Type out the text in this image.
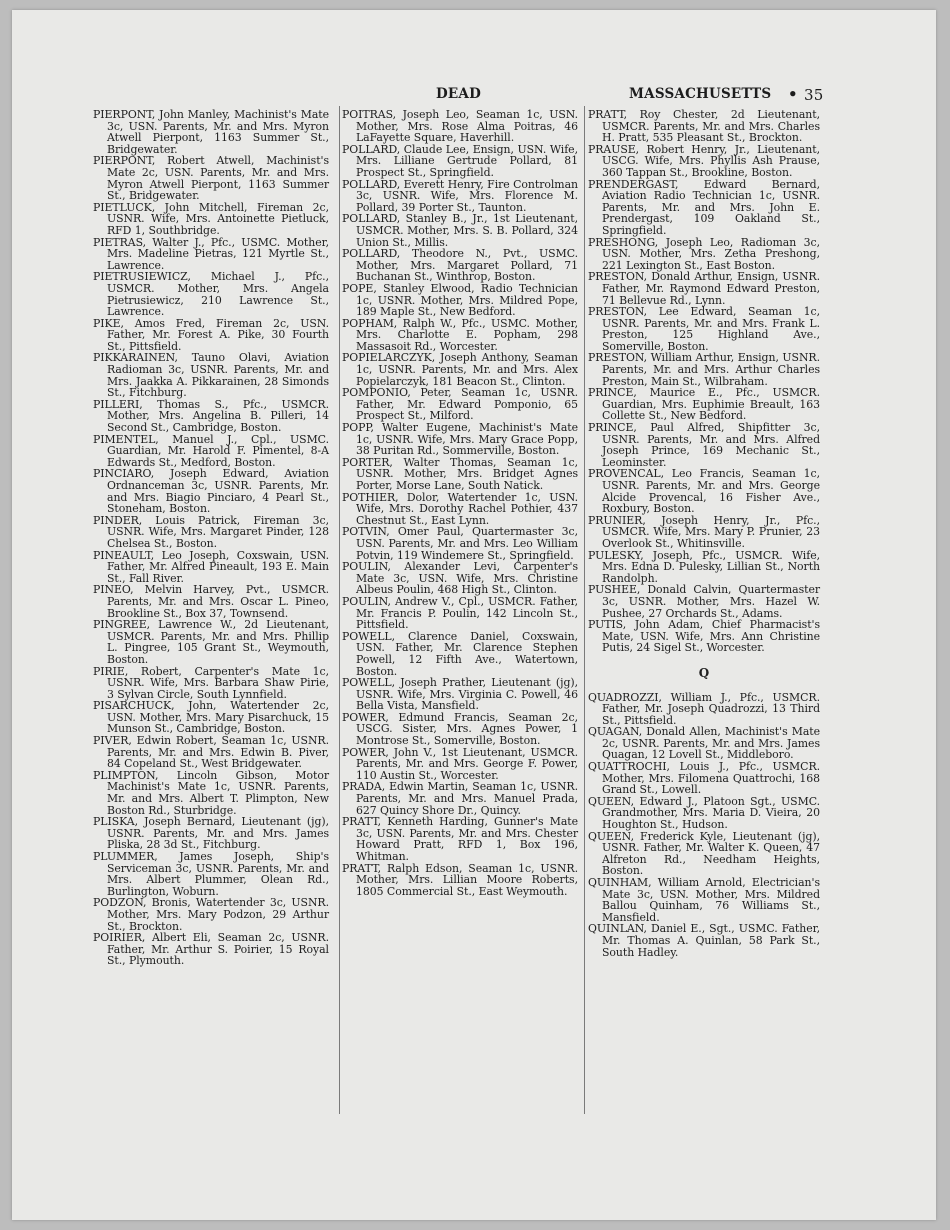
DEAD	MASSACHUSETTS • 35

PIERPONT, John Manley, Machinist's Mate 3c, USN. Parents, Mr. and Mrs. Myron Atwell Pierpont, 1163 Summer St., Bridgewater.

PIERPONT, Robert Atwell, Machinist's Mate 2c, USN. Parents, Mr. and Mrs. Myron Atwell Pierpont, 1163 Summer St., Bridgewater.

PIETLUCK, John Mitchell, Fireman 2c, USNR. Wife, Mrs. Antoinette Pietluck, RFD 1, Southbridge.

PIETRAS, Walter J., Pfc., USMC. Mother, Mrs. Madeline Pietras, 121 Myrtle St., Lawrence.

PIETRUSIEWICZ, Michael J., Pfc., USMCR. Mother, Mrs. Angela Pietrusiewicz, 210 Lawrence St., Lawrence.

PIKE, Amos Fred, Fireman 2c, USN. Father, Mr. Forest A. Pike, 30 Fourth St., Pittsfield.

PIKKARAINEN, Tauno Olavi, Aviation Radioman 3c, USNR. Parents, Mr. and Mrs. Jaakka A. Pikkarainen, 28 Simonds St., Fitchburg.

PILLERI, Thomas S., Pfc., USMCR. Mother, Mrs. Angelina B. Pilleri, 14 Second St., Cambridge, Boston.

PIMENTEL, Manuel J., Cpl., USMC. Guardian, Mr. Harold F. Pimentel, 8-A Edwards St., Medford, Boston.

PINCIARO, Joseph Edward, Aviation Ordnanceman 3c, USNR. Parents, Mr. and Mrs. Biagio Pinciaro, 4 Pearl St., Stoneham, Boston.

PINDER, Louis Patrick, Fireman 3c, USNR. Wife, Mrs. Margaret Pinder, 128 Chelsea St., Boston.

PINEAULT, Leo Joseph, Coxswain, USN. Father, Mr. Alfred Pineault, 193 E. Main St., Fall River.

PINEO, Melvin Harvey, Pvt., USMCR. Parents, Mr. and Mrs. Oscar L. Pineo, Brookline St., Box 37, Townsend.

PINGREE, Lawrence W., 2d Lieutenant, USMCR. Parents, Mr. and Mrs. Phillip L. Pingree, 105 Grant St., Weymouth, Boston.

PIRIE, Robert, Carpenter's Mate 1c, USNR. Wife, Mrs. Barbara Shaw Pirie, 3 Sylvan Circle, South Lynnfield.

PISARCHUCK, John, Watertender 2c, USN. Mother, Mrs. Mary Pisarchuck, 15 Munson St., Cambridge, Boston.

PIVER, Edwin Robert, Seaman 1c, USNR. Parents, Mr. and Mrs. Edwin B. Piver, 84 Copeland St., West Bridgewater.

PLIMPTON, Lincoln Gibson, Motor Machinist's Mate 1c, USNR. Parents, Mr. and Mrs. Albert T. Plimpton, New Boston Rd., Sturbridge.

PLISKA, Joseph Bernard, Lieutenant (jg), USNR. Parents, Mr. and Mrs. James Pliska, 28 3d St., Fitchburg.

PLUMMER, James Joseph, Ship's Serviceman 3c, USNR. Parents, Mr. and Mrs. Albert Plummer, Olean Rd., Burlington, Woburn.

PODZON, Bronis, Watertender 3c, USNR. Mother, Mrs. Mary Podzon, 29 Arthur St., Brockton.

POIRIER, Albert Eli, Seaman 2c, USNR. Father, Mr. Arthur S. Poirier, 15 Royal St., Plymouth.

POITRAS, Joseph Leo, Seaman 1c, USN. Mother, Mrs. Rose Alma Poitras, 46 LaFayette Square, Haverhill.

POLLARD, Claude Lee, Ensign, USN. Wife, Mrs. Lilliane Gertrude Pollard, 81 Prospect St., Springfield.

POLLARD, Everett Henry, Fire Controlman 3c, USNR. Wife, Mrs. Florence M. Pollard, 39 Porter St., Taunton.

POLLARD, Stanley B., Jr., 1st Lieutenant, USMCR. Mother, Mrs. S. B. Pollard, 324 Union St., Millis.

POLLARD, Theodore N., Pvt., USMC. Mother, Mrs. Margaret Pollard, 71 Buchanan St., Winthrop, Boston.

POPE, Stanley Elwood, Radio Technician 1c, USNR. Mother, Mrs. Mildred Pope, 189 Maple St., New Bedford.

POPHAM, Ralph W., Pfc., USMC. Mother, Mrs. Charlotte E. Popham, 298 Massasoit Rd., Worcester.

POPIELARCZYK, Joseph Anthony, Seaman 1c, USNR. Parents, Mr. and Mrs. Alex Popielarczyk, 181 Beacon St., Clinton.

POMPONIO, Peter, Seaman 1c, USNR. Father, Mr. Edward Pomponio, 65 Prospect St., Milford.

POPP, Walter Eugene, Machinist's Mate 1c, USNR. Wife, Mrs. Mary Grace Popp, 38 Puritan Rd., Sommerville, Boston.

PORTER, Walter Thomas, Seaman 1c, USNR. Mother, Mrs. Bridget Agnes Porter, Morse Lane, South Natick.

POTHIER, Dolor, Watertender 1c, USN. Wife, Mrs. Dorothy Rachel Pothier, 437 Chestnut St., East Lynn.

POTVIN, Omer Paul, Quartermaster 3c, USN. Parents, Mr. and Mrs. Leo William Potvin, 119 Windemere St., Springfield.

POULIN, Alexander Levi, Carpenter's Mate 3c, USN. Wife, Mrs. Christine Albeus Poulin, 468 High St., Clinton.

POULIN, Andrew V., Cpl., USMCR. Father, Mr. Francis P. Poulin, 142 Lincoln St., Pittsfield.

POWELL, Clarence Daniel, Coxswain, USN. Father, Mr. Clarence Stephen Powell, 12 Fifth Ave., Watertown, Boston.

POWELL, Joseph Prather, Lieutenant (jg), USNR. Wife, Mrs. Virginia C. Powell, 46 Bella Vista, Mansfield.

POWER, Edmund Francis, Seaman 2c, USCG. Sister, Mrs. Agnes Power, 1 Montrose St., Somerville, Boston.

POWER, John V., 1st Lieutenant, USMCR. Parents, Mr. and Mrs. George F. Power, 110 Austin St., Worcester.

PRADA, Edwin Martin, Seaman 1c, USNR. Parents, Mr. and Mrs. Manuel Prada, 627 Quincy Shore Dr., Quincy.

PRATT, Kenneth Harding, Gunner's Mate 3c, USN. Parents, Mr. and Mrs. Chester Howard Pratt, RFD 1, Box 196, Whitman.

PRATT, Ralph Edson, Seaman 1c, USNR. Mother, Mrs. Lillian Moore Roberts, 1805 Commercial St., East Weymouth.

PRATT, Roy Chester, 2d Lieutenant, USMCR. Parents, Mr. and Mrs. Charles H. Pratt, 535 Pleasant St., Brockton.

PRAUSE, Robert Henry, Jr., Lieutenant, USCG. Wife, Mrs. Phyllis Ash Prause, 360 Tappan St., Brookline, Boston.

PRENDERGAST, Edward Bernard, Aviation Radio Technician 1c, USNR. Parents, Mr. and Mrs. John E. Prendergast, 109 Oakland St., Springfield.

PRESHONG, Joseph Leo, Radioman 3c, USN. Mother, Mrs. Zetha Preshong, 221 Lexington St., East Boston.

PRESTON, Donald Arthur, Ensign, USNR. Father, Mr. Raymond Edward Preston, 71 Bellevue Rd., Lynn.

PRESTON, Lee Edward, Seaman 1c, USNR. Parents, Mr. and Mrs. Frank L. Preston, 125 Highland Ave., Somerville, Boston.

PRESTON, William Arthur, Ensign, USNR. Parents, Mr. and Mrs. Arthur Charles Preston, Main St., Wilbraham.

PRINCE, Maurice E., Pfc., USMCR. Guardian, Mrs. Euphimie Breault, 163 Collette St., New Bedford.

PRINCE, Paul Alfred, Shipfitter 3c, USNR. Parents, Mr. and Mrs. Alfred Joseph Prince, 169 Mechanic St., Leominster.

PROVENCAL, Leo Francis, Seaman 1c, USNR. Parents, Mr. and Mrs. George Alcide Provencal, 16 Fisher Ave., Roxbury, Boston.

PRUNIER, Joseph Henry, Jr., Pfc., USMCR. Wife, Mrs. Mary P. Prunier, 23 Overlook St., Whitinsville.

PULESKY, Joseph, Pfc., USMCR. Wife, Mrs. Edna D. Pulesky, Lillian St., North Randolph.

PUSHEE, Donald Calvin, Quartermaster 3c, USNR. Mother, Mrs. Hazel W. Pushee, 27 Orchards St., Adams.

PUTIS, John Adam, Chief Pharmacist's Mate, USN. Wife, Mrs. Ann Christine Putis, 24 Sigel St., Worcester.

Q

QUADROZZI, William J., Pfc., USMCR. Father, Mr. Joseph Quadrozzi, 13 Third St., Pittsfield.

QUAGAN, Donald Allen, Machinist's Mate 2c, USNR. Parents, Mr. and Mrs. James Quagan, 12 Lovell St., Middleboro.

QUATTROCHI, Louis J., Pfc., USMCR. Mother, Mrs. Filomena Quattrochi, 168 Grand St., Lowell.

QUEEN, Edward J., Platoon Sgt., USMC. Grandmother, Mrs. Maria D. Vieira, 20 Houghton St., Hudson.

QUEEN, Frederick Kyle, Lieutenant (jg), USNR. Father, Mr. Walter K. Queen, 47 Alfreton Rd., Needham Heights, Boston.

QUINHAM, William Arnold, Electrician's Mate 3c, USN. Mother, Mrs. Mildred Ballou Quinham, 76 Williams St., Mansfield.

QUINLAN, Daniel E., Sgt., USMC. Father, Mr. Thomas A. Quinlan, 58 Park St., South Hadley.
